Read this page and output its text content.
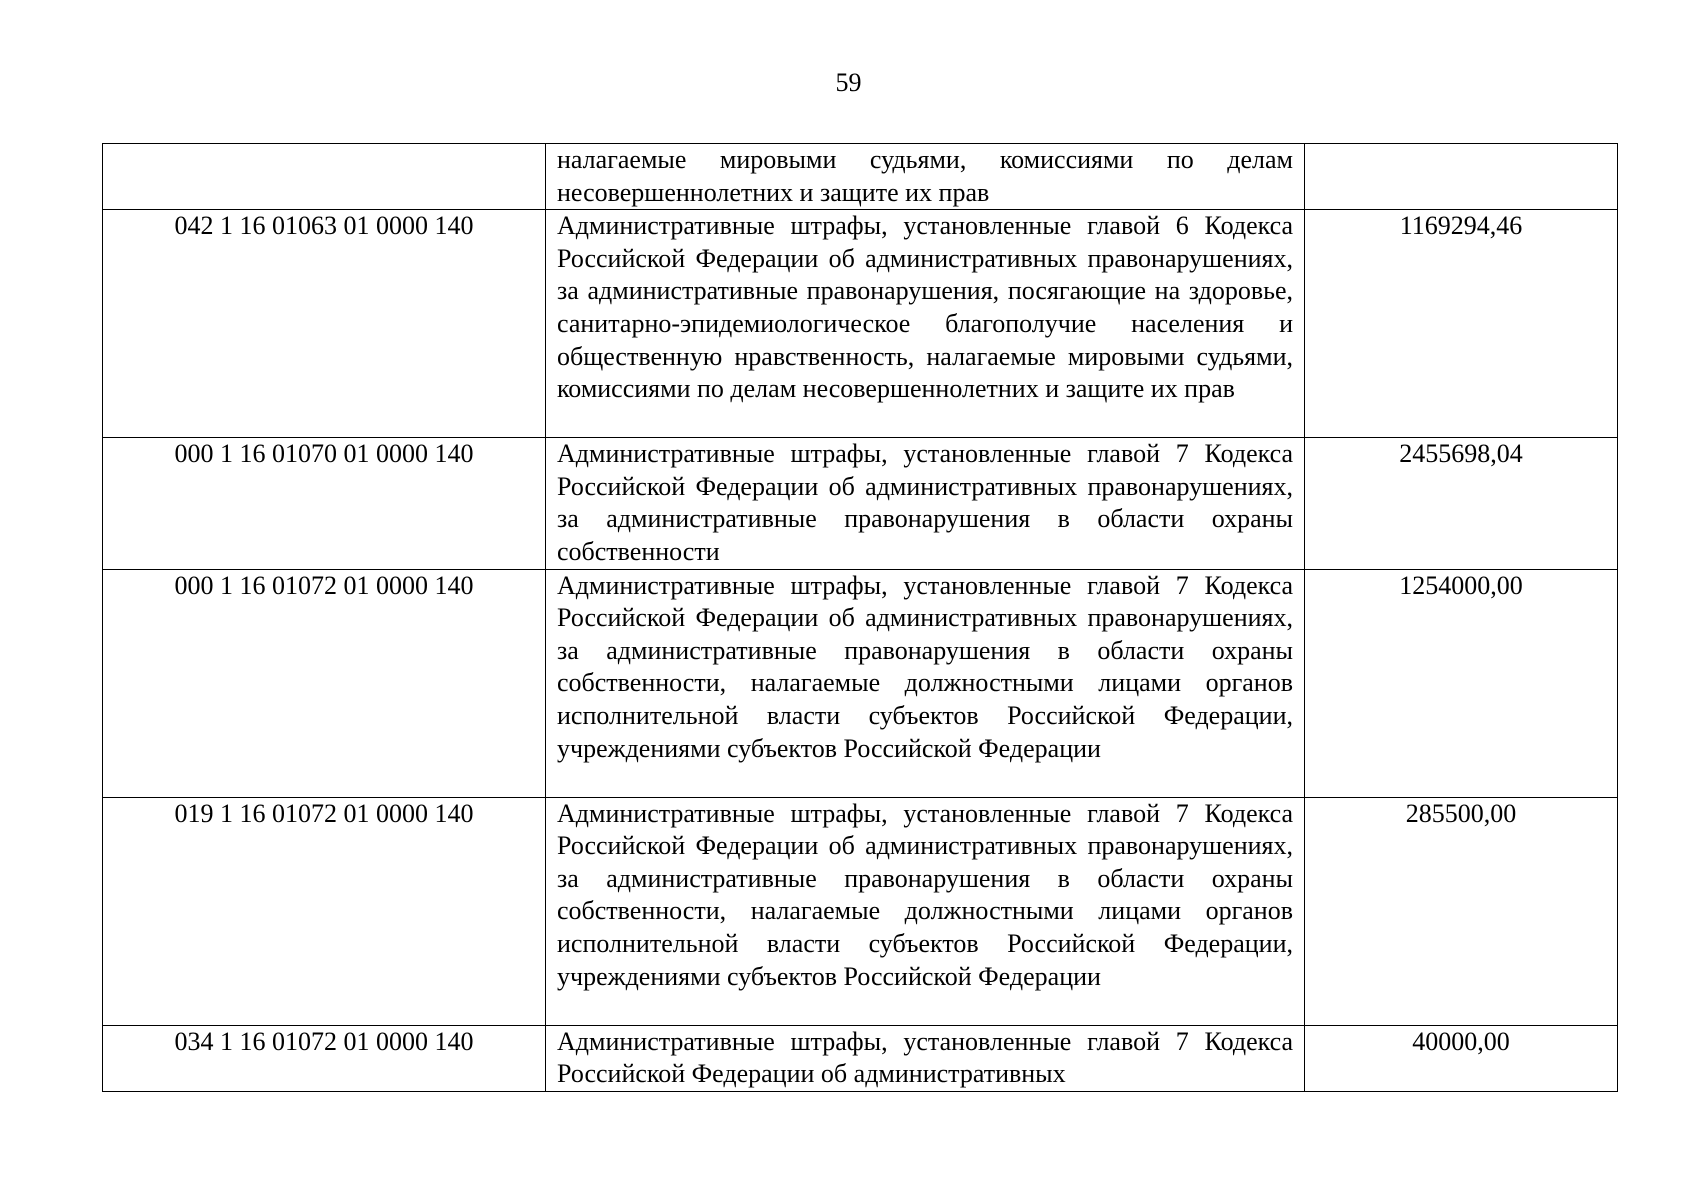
59

	налагаемые мировыми судьями, комиссиями по делам несовершеннолетних и защите их прав	

042 1 16 01063 01 0000 140	Административные штрафы, установленные главой 6 Кодекса Российской Федерации об административных правонарушениях, за административные правонарушения, посягающие на здоровье, санитарно-эпидемиологическое благополучие населения и общественную нравственность, налагаемые мировыми судьями, комиссиями по делам несовершеннолетних и защите их прав	1169294,46
000 1 16 01070 01 0000 140	Административные штрафы, установленные главой 7 Кодекса Российской Федерации об административных правонарушениях, за административные правонарушения в области охраны собственности	2455698,04
000 1 16 01072 01 0000 140	Административные штрафы, установленные главой 7 Кодекса Российской Федерации об административных правонарушениях, за административные правонарушения в области охраны собственности, налагаемые должностными лицами органов исполнительной власти субъектов Российской Федерации, учреждениями субъектов Российской Федерации	1254000,00
019 1 16 01072 01 0000 140	Административные штрафы, установленные главой 7 Кодекса Российской Федерации об административных правонарушениях, за административные правонарушения в области охраны собственности, налагаемые должностными лицами органов исполнительной власти субъектов Российской Федерации, учреждениями субъектов Российской Федерации	285500,00
034 1 16 01072 01 0000 140	Административные штрафы, установленные главой 7 Кодекса Российской Федерации об административных	40000,00
